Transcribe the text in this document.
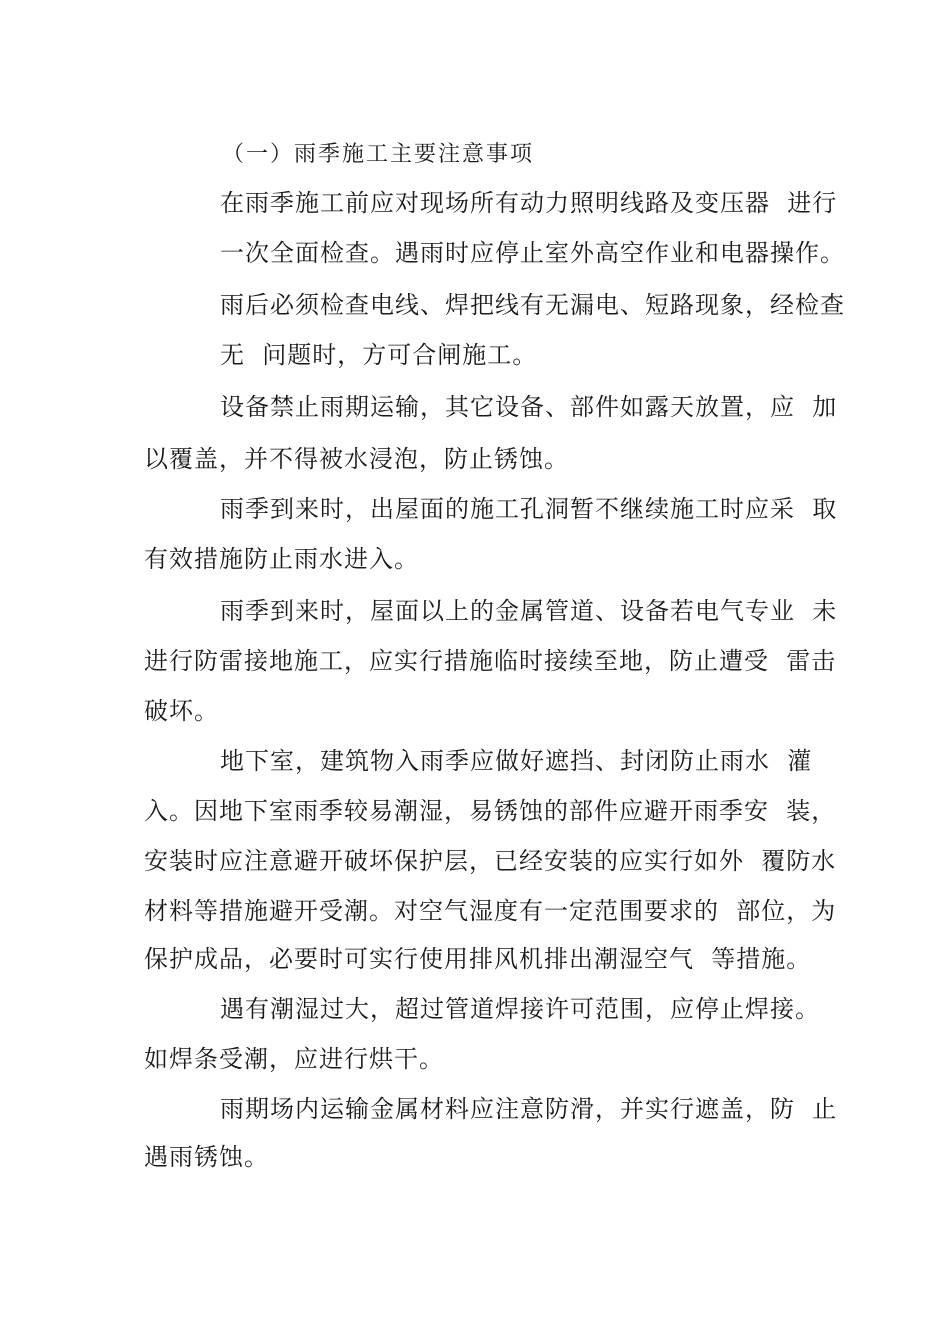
（一）雨季施工主要注意事项
在雨季施工前应对现场所有动力照明线路及变压器  进行
一次全面检查。遇雨时应停止室外高空作业和电器操作。
雨后必须检查电线、焊把线有无漏电、短路现象，经检查
无  问题时，方可合闸施工。
设备禁止雨期运输，其它设备、部件如露天放置，应  加
以覆盖，并不得被水浸泡，防止锈蚀。
雨季到来时，出屋面的施工孔洞暂不继续施工时应采  取
有效措施防止雨水进入。
雨季到来时，屋面以上的金属管道、设备若电气专业  未
进行防雷接地施工，应实行措施临时接续至地，防止遭受  雷击
破坏。
地下室，建筑物入雨季应做好遮挡、封闭防止雨水  灌
入。因地下室雨季较易潮湿，易锈蚀的部件应避开雨季安  装，
安装时应注意避开破坏保护层，已经安装的应实行如外  覆防水
材料等措施避开受潮。对空气湿度有一定范围要求的  部位，为
保护成品，必要时可实行使用排风机排出潮湿空气  等措施。
遇有潮湿过大，超过管道焊接许可范围，应停止焊接。
如焊条受潮，应进行烘干。
雨期场内运输金属材料应注意防滑，并实行遮盖，防  止
遇雨锈蚀。
